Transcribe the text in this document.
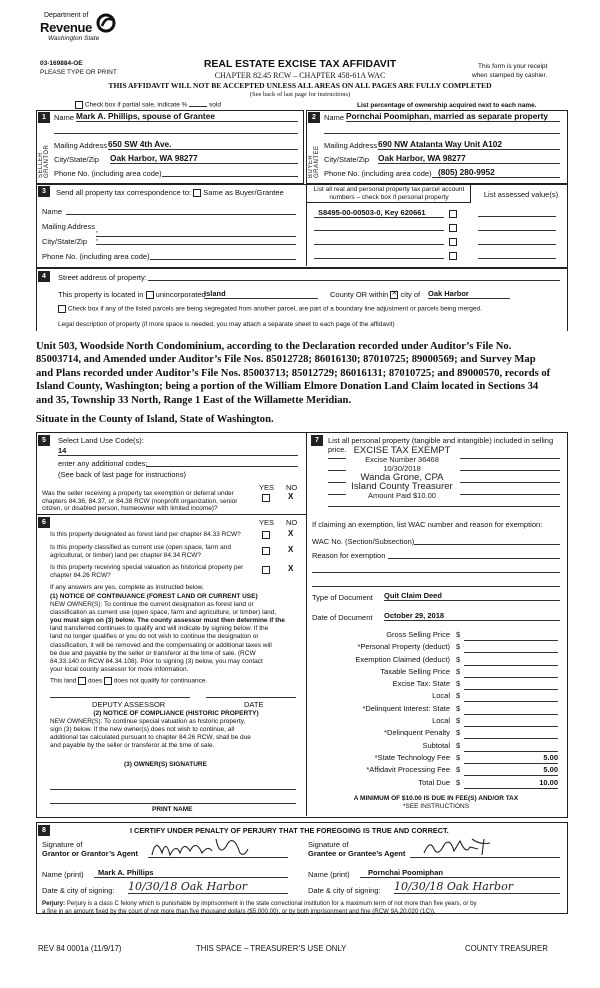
Department of
Revenue
Washington State
03-169884-OE
PLEASE TYPE OR PRINT
REAL ESTATE EXCISE TAX AFFIDAVIT
CHAPTER 82.45 RCW – CHAPTER 458-61A WAC
This form is your receipt
when stamped by cashier.
THIS AFFIDAVIT WILL NOT BE ACCEPTED UNLESS ALL AREAS ON ALL PAGES ARE FULLY COMPLETED
(See back of last page for instructions)
Check box if partial sale, indicate %	sold	List percentage of ownership acquired next to each name.
1
SELLER GRANTOR
Name Mark A. Phillips, spouse of Grantee
Mailing Address 650 SW 4th Ave.
City/State/Zip Oak Harbor, WA 98277
Phone No. (including area code)
2
BUYER GRANTEE
Name Pornchai Poomiphan, married as separate property
Mailing Address 690 NW Atalanta Way Unit A102
City/State/Zip Oak Harbor, WA 98277
Phone No. (including area code) (805) 280-9952
3	Send all property tax correspondence to: Same as Buyer/Grantee
Name
Mailing Address ,
City/State/Zip ,
Phone No. (including area code)
List all real and personal property tax parcel account numbers – check box if personal property	List assessed value(s)
S8495-00-00503-0, Key 620661
4	Street address of property:
This property is located in unincorporated
Island	County OR within ✕ city of Oak Harbor
Check box if any of the listed parcels are being segregated from another parcel, are part of a boundary line adjustment or parcels being merged.
Legal description of property (if more space is needed, you may attach a separate sheet to each page of the affidavit)
Unit 503, Woodside North Condominium, according to the Declaration recorded under Auditor’s File No.
85003714, and Amended under Auditor’s File Nos. 85012728; 86016130; 87010725; 89000569; and Survey Map
and Plans recorded under Auditor’s File Nos. 85003713; 85012729; 86016131; 87010725; and 89000570, records of
Island County, Washington; being a portion of the William Elmore Donation Land Claim located in Sections 34
and 35, Township 33 North, Range 1 East of the Willamette Meridian.
Situate in the County of Island, State of Washington.
5	Select Land Use Code(s):
14
enter any additional codes:
(See back of last page for instructions)
YES NO
Was the seller receiving a property tax exemption or deferral under chapters 84.36, 84.37, or 84.38 RCW (nonprofit organization, senior citizen, or disabled person, homeowner with limited income)?
X
6	YES NO
Is this property designated as forest land per chapter 84.33 RCW?	X
Is this property classified as current use (open space, farm and agricultural, or timber) land per chapter 84.34 RCW?
X
Is this property receiving special valuation as historical property per chapter 84.26 RCW?
X
If any answers are yes, complete as instructed below.
(1) NOTICE OF CONTINUANCE (FOREST LAND OR CURRENT USE)
NEW OWNER(S): To continue the current designation as forest land or
classification as current use (open space, farm and agriculture, or timber) land,
you must sign on (3) below. The county assessor must then determine if the
land transferred continues to qualify and will indicate by signing below. If the
land no longer qualifies or you do not wish to continue the designation or
classification, it will be removed and the compensating or additional taxes will
be due and payable by the seller or transferor at the time of sale. (RCW
84.33.140 or RCW 84.34.108). Prior to signing (3) below, you may contact
your local county assessor for more information.
This land does does not qualify for continuance.
DEPUTY ASSESSOR	DATE
(2) NOTICE OF COMPLIANCE (HISTORIC PROPERTY)
NEW OWNER(S): To continue special valuation as historic property,
sign (3) below. If the new owner(s) does not wish to continue, all
additional tax calculated pursuant to chapter 84.26 RCW, shall be due
and payable by the seller or transferor at the time of sale.
(3) OWNER(S) SIGNATURE
PRINT NAME
7	List all personal property (tangible and intangible) included in selling price. EXCISE TAX EXEMPT
Excise Number 36468
10/30/2018
Wanda Grone, CPA
Island County Treasurer
Amount Paid $10.00
If claiming an exemption, list WAC number and reason for exemption:
WAC No. (Section/Subsection)
Reason for exemption
Type of Document Quit Claim Deed
Date of Document October 29, 2018
Gross Selling Price $
*Personal Property (deduct) $
Exemption Claimed (deduct) $
Taxable Selling Price $
Excise Tax: State $
Local $
*Delinquent Interest: State $
Local $
*Delinquent Penalty $
Subtotal $
*State Technology Fee $	5.00
*Affidavit Processing Fee $	5.00
Total Due $	10.00
A MINIMUM OF $10.00 IS DUE IN FEE(S) AND/OR TAX
*SEE INSTRUCTIONS
8	I CERTIFY UNDER PENALTY OF PERJURY THAT THE FOREGOING IS TRUE AND CORRECT.
Signature of
Grantor or Grantor’s Agent
Name (print)	Mark A. Phillips
Date & city of signing: 10/30/18 Oak Harbor
Signature of
Grantee or Grantee’s Agent
Name (print)	Pornchai Poomiphan
Date & city of signing: 10/30/18 Oak Harbor
Perjury: Perjury is a class C felony which is punishable by imprisonment in the state correctional institution for a maximum term of not more than five years, or by
a fine in an amount fixed by the court of not more than five thousand dollars ($5,000.00), or by both imprisonment and fine (RCW 9A.20.020 (1C)).
REV 84 0001a (11/9/17)	THIS SPACE – TREASURER’S USE ONLY	COUNTY TREASURER
